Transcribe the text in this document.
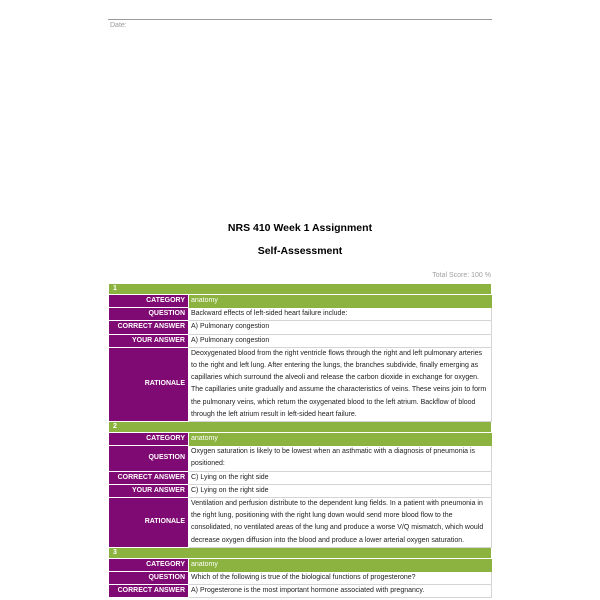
Date:
NRS 410 Week 1 Assignment
Self-Assessment
Total Score: 100 %
1	
CATEGORY	anatomy
QUESTION	Backward effects of left-sided heart failure include:
CORRECT ANSWER	A) Pulmonary congestion
YOUR ANSWER	A) Pulmonary congestion
RATIONALE	Deoxygenated blood from the right ventricle flows through the right and left pulmonary arteries to the right and left lung. After entering the lungs, the branches subdivide, finally emerging as capillaries which surround the alveoli and release the carbon dioxide in exchange for oxygen. The capillaries unite gradually and assume the characteristics of veins. These veins join to form the pulmonary veins, which return the oxygenated blood to the left atrium. Backflow of blood through the left atrium result in left-sided heart failure.
2	
CATEGORY	anatomy
QUESTION	Oxygen saturation is likely to be lowest when an asthmatic with a diagnosis of pneumonia is positioned:
CORRECT ANSWER	C) Lying on the right side
YOUR ANSWER	C) Lying on the right side
RATIONALE	Ventilation and perfusion distribute to the dependent lung fields. In a patient with pneumonia in the right lung, positioning with the right lung down would send more blood flow to the consolidated, no ventilated areas of the lung and produce a worse V/Q mismatch, which would decrease oxygen diffusion into the blood and produce a lower arterial oxygen saturation.
3	
CATEGORY	anatomy
QUESTION	Which of the following is true of the biological functions of progesterone?
CORRECT ANSWER	A) Progesterone is the most important hormone associated with pregnancy.
